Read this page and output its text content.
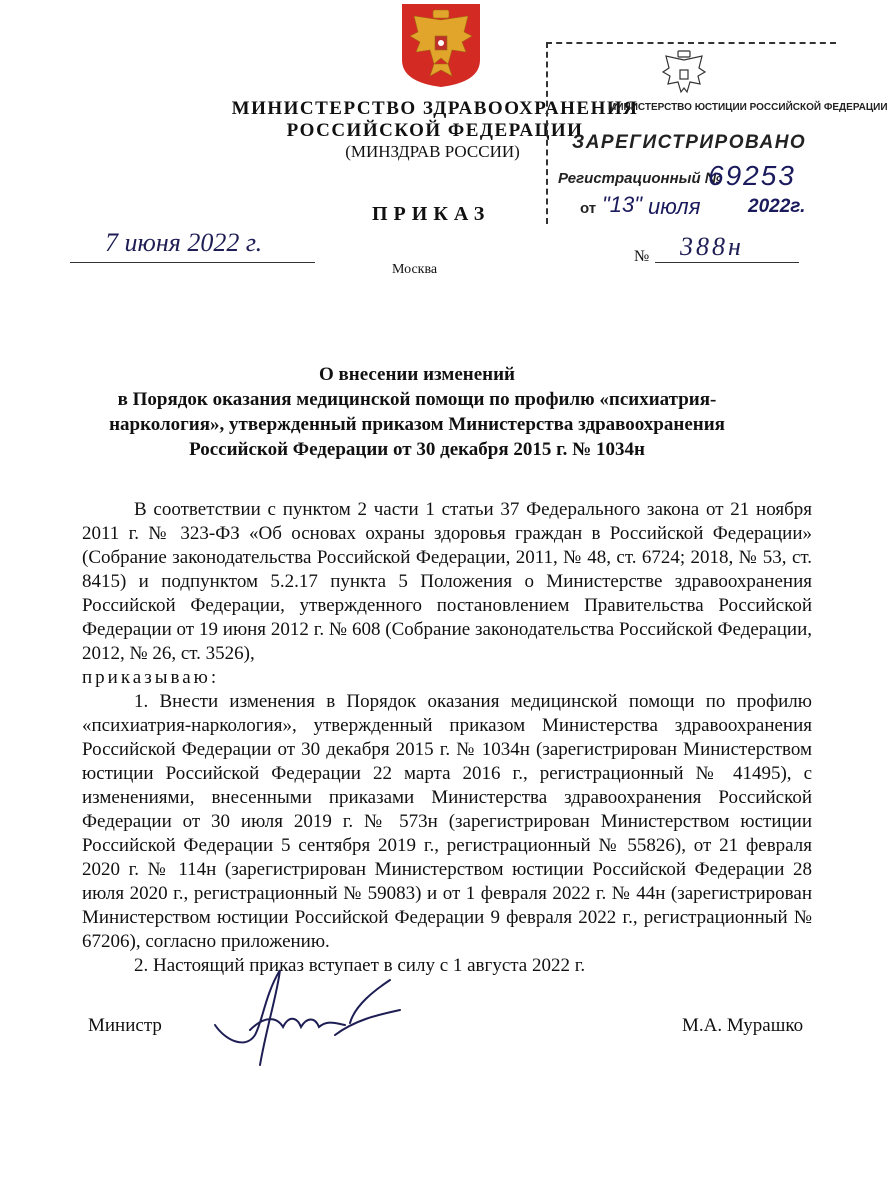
МИНИСТЕРСТВО ЗДРАВООХРАНЕНИЯ
РОССИЙСКОЙ ФЕДЕРАЦИИ
(МИНЗДРАВ РОССИИ)
ПРИКАЗ
МИНИСТЕРСТВО ЮСТИЦИИ РОССИЙСКОЙ ФЕДЕРАЦИИ
ЗАРЕГИСТРИРОВАНО
Регистрационный №
69253
от "13" июля	2022г.
7 июня 2022 г.
Москва
№ 388н
О внесении изменений
в Порядок оказания медицинской помощи по профилю «психиатрия-
наркология», утвержденный приказом Министерства здравоохранения
Российской Федерации от 30 декабря 2015 г. № 1034н

В соответствии с пунктом 2 части 1 статьи 37 Федерального закона от 21 ноября 2011 г. № 323-ФЗ «Об основах охраны здоровья граждан в Российской Федерации» (Собрание законодательства Российской Федерации, 2011, № 48, ст. 6724; 2018, № 53, ст. 8415) и подпунктом 5.2.17 пункта 5 Положения о Министерстве здравоохранения Российской Федерации, утвержденного постановлением Правительства Российской Федерации от 19 июня 2012 г. № 608 (Собрание законодательства Российской Федерации, 2012, № 26, ст. 3526),

приказываю:

1. Внести изменения в Порядок оказания медицинской помощи по профилю «психиатрия-наркология», утвержденный приказом Министерства здравоохранения Российской Федерации от 30 декабря 2015 г. № 1034н (зарегистрирован Министерством юстиции Российской Федерации 22 марта 2016 г., регистрационный № 41495), с изменениями, внесенными приказами Министерства здравоохранения Российской Федерации от 30 июля 2019 г. № 573н (зарегистрирован Министерством юстиции Российской Федерации 5 сентября 2019 г., регистрационный № 55826), от 21 февраля 2020 г. № 114н (зарегистрирован Министерством юстиции Российской Федерации 28 июля 2020 г., регистрационный № 59083) и от 1 февраля 2022 г. № 44н (зарегистрирован Министерством юстиции Российской Федерации 9 февраля 2022 г., регистрационный № 67206), согласно приложению.

2. Настоящий приказ вступает в силу с 1 августа 2022 г.

Министр	М.А. Мурашко
